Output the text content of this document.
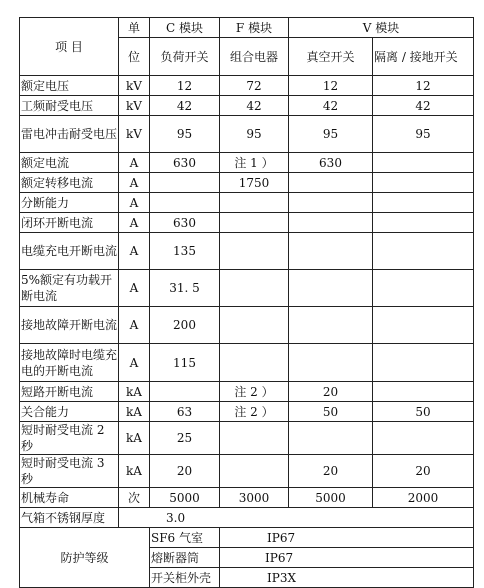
项 目	单	C 模块	F 模块	V 模块	
	位	负荷开关	组合电器	真空开关	隔离 / 接地开关
额定电压	kV	12	72	12	12
工频耐受电压	kV	42	42	42	42
雷电冲击耐受电压	kV	95	95	95	95
额定电流	A	630	注 1 ）	630	
额定转移电流	A		1750		
分断能力	A				
闭环开断电流	A	630			
电缆充电开断电流	A	135			
5%额定有功载开断电流	A	31. 5			
接地故障开断电流	A	200			
接地故障时电缆充电的开断电流	A	115			
短路开断电流	kA		注 2 ）	20	
关合能力	kA	63	注 2 ）	50	50
短时耐受电流 2 秒	kA	25			
短时耐受电流 3 秒	kA	20		20	20
机械寿命	次	5000	3000	5000	2000
气箱不锈钢厚度	3.0				
防护等级		SF6 气室	IP67		
		熔断器筒	IP67		
		开关柜外壳	IP3X		
